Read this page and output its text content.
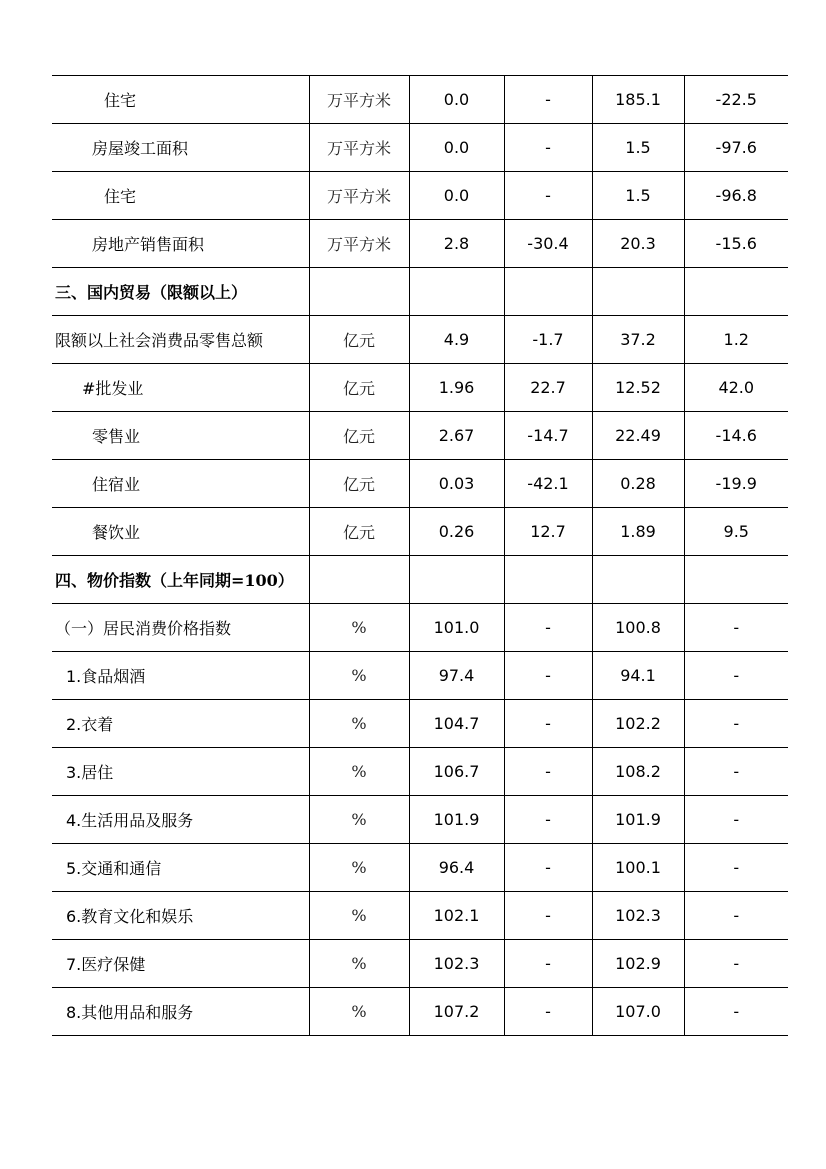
住宅	万平方米	0.0	-	185.1	-22.5
房屋竣工面积	万平方米	0.0	-	1.5	-97.6
住宅	万平方米	0.0	-	1.5	-96.8
房地产销售面积	万平方米	2.8	-30.4	20.3	-15.6
三、国内贸易（限额以上）					
限额以上社会消费品零售总额	亿元	4.9	-1.7	37.2	1.2
#批发业	亿元	1.96	22.7	12.52	42.0
零售业	亿元	2.67	-14.7	22.49	-14.6
住宿业	亿元	0.03	-42.1	0.28	-19.9
餐饮业	亿元	0.26	12.7	1.89	9.5
四、物价指数（上年同期=100）					
（一）居民消费价格指数	%	101.0	-	100.8	-
1.食品烟酒	%	97.4	-	94.1	-
2.衣着	%	104.7	-	102.2	-
3.居住	%	106.7	-	108.2	-
4.生活用品及服务	%	101.9	-	101.9	-
5.交通和通信	%	96.4	-	100.1	-
6.教育文化和娱乐	%	102.1	-	102.3	-
7.医疗保健	%	102.3	-	102.9	-
8.其他用品和服务	%	107.2	-	107.0	-
